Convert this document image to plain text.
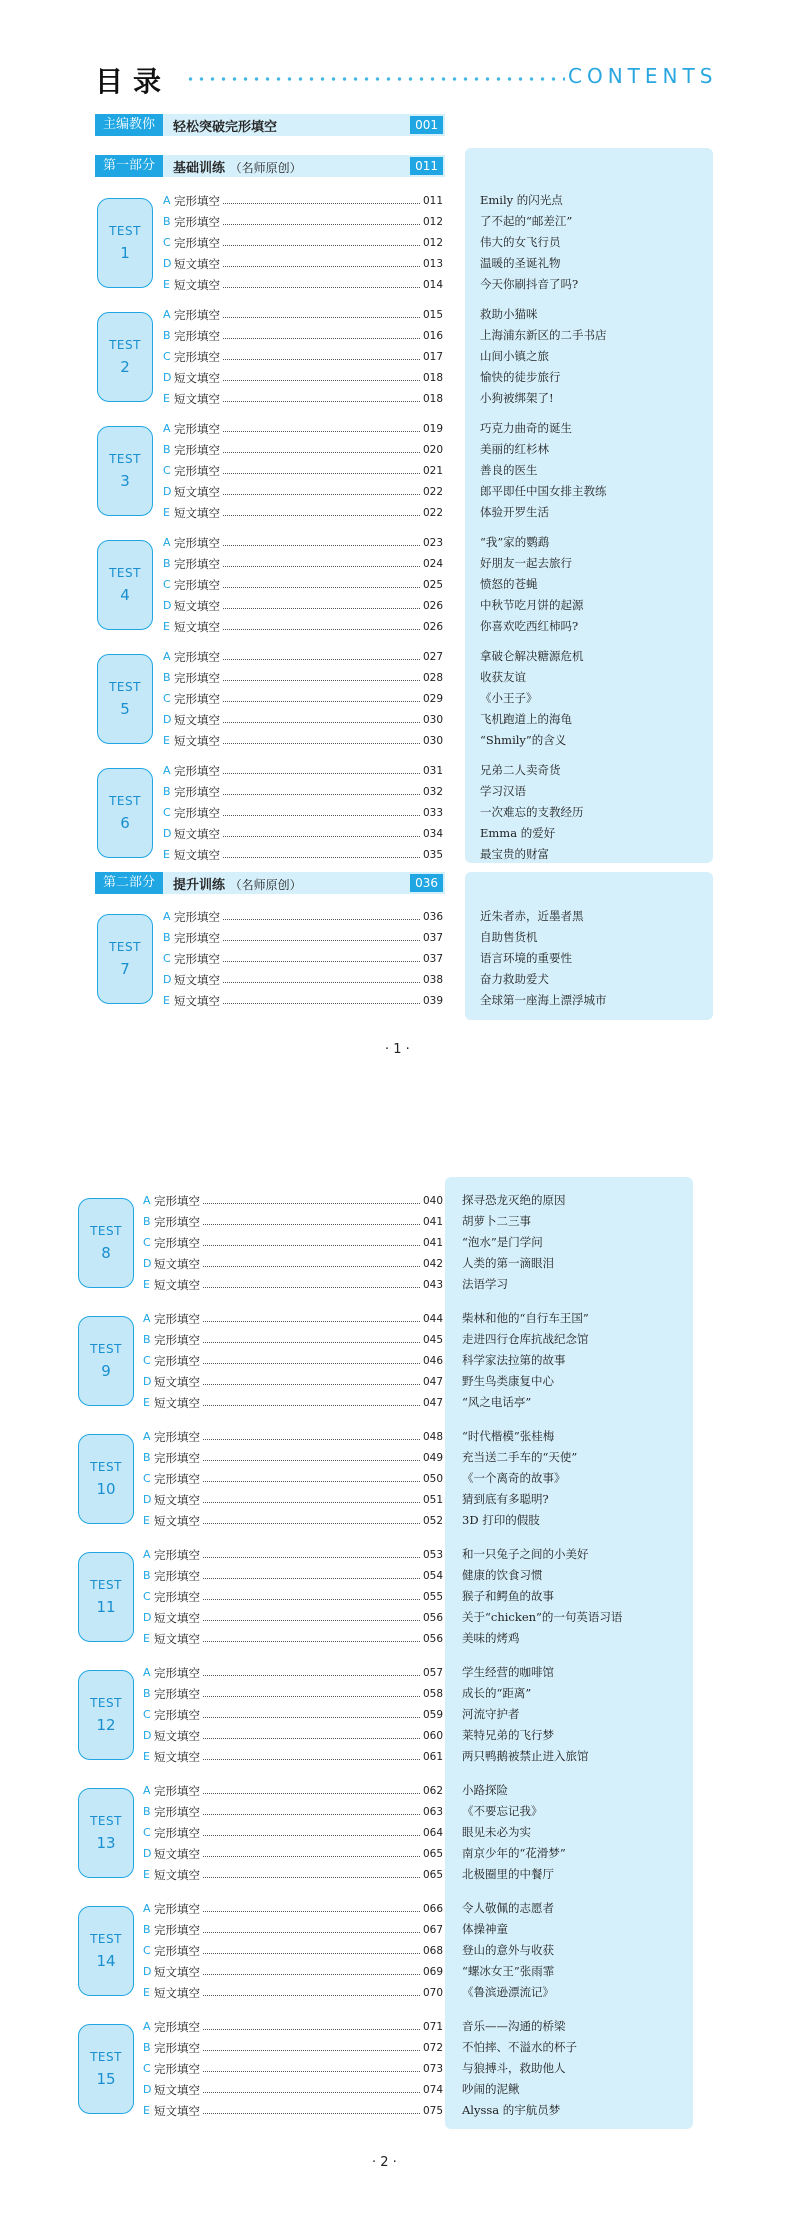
目录	CONTENTS
主编教你	轻松突破完形填空	001
第一部分	基础训练 （名师原创）	011
第二部分	提升训练 （名师原创）	036
· 1 ·
· 2 ·
TEST
1
A 完形填空	011	Emily 的闪光点
B 完形填空	012	了不起的“邮差江”
C 完形填空	012	伟大的女飞行员
D 短文填空	013	温暖的圣诞礼物
E 短文填空	014	今天你刷抖音了吗?
TEST
2
A 完形填空	015	救助小猫咪
B 完形填空	016	上海浦东新区的二手书店
C 完形填空	017	山间小镇之旅
D 短文填空	018	愉快的徒步旅行
E 短文填空	018	小狗被绑架了!
TEST
3
A 完形填空	019	巧克力曲奇的诞生
B 完形填空	020	美丽的红杉林
C 完形填空	021	善良的医生
D 短文填空	022	郎平即任中国女排主教练
E 短文填空	022	体验开罗生活
TEST
4
A 完形填空	023	“我”家的鹦鹉
B 完形填空	024	好朋友一起去旅行
C 完形填空	025	愤怒的苍蝇
D 短文填空	026	中秋节吃月饼的起源
E 短文填空	026	你喜欢吃西红柿吗?
TEST
5
A 完形填空	027	拿破仑解决糖源危机
B 完形填空	028	收获友谊
C 完形填空	029	《小王子》
D 短文填空	030	飞机跑道上的海龟
E 短文填空	030	“Shmily”的含义
TEST
6
A 完形填空	031	兄弟二人卖奇货
B 完形填空	032	学习汉语
C 完形填空	033	一次难忘的支教经历
D 短文填空	034	Emma 的爱好
E 短文填空	035	最宝贵的财富
TEST
7
A 完形填空	036	近朱者赤，近墨者黑
B 完形填空	037	自助售货机
C 完形填空	037	语言环境的重要性
D 短文填空	038	奋力救助爱犬
E 短文填空	039	全球第一座海上漂浮城市
TEST
8
A 完形填空	040 探寻恐龙灭绝的原因
B 完形填空	041 胡萝卜二三事
C 完形填空	041 “泡水”是门学问
D 短文填空	042 人类的第一滴眼泪
E 短文填空	043 法语学习
TEST
9
A 完形填空	044 柴林和他的“自行车王国”
B 完形填空	045 走进四行仓库抗战纪念馆
C 完形填空	046 科学家法拉第的故事
D 短文填空	047 野生鸟类康复中心
E 短文填空	047 “风之电话亭”
TEST
10
A 完形填空	048 “时代楷模”张桂梅
B 完形填空	049 充当送二手车的“天使”
C 完形填空	050 《一个离奇的故事》
D 短文填空	051 猜到底有多聪明?
E 短文填空	052 3D 打印的假肢
TEST
11
A 完形填空	053 和一只兔子之间的小美好
B 完形填空	054 健康的饮食习惯
C 完形填空	055 猴子和鳄鱼的故事
D 短文填空	056 关于“chicken”的一句英语习语
E 短文填空	056 美味的烤鸡
TEST
12
A 完形填空	057 学生经营的咖啡馆
B 完形填空	058 成长的“距离”
C 完形填空	059 河流守护者
D 短文填空	060 莱特兄弟的飞行梦
E 短文填空	061 两只鸭鹅被禁止进入旅馆
TEST
13
A 完形填空	062 小路探险
B 完形填空	063 《不要忘记我》
C 完形填空	064 眼见未必为实
D 短文填空	065 南京少年的“花滑梦”
E 短文填空	065 北极圈里的中餐厅
TEST
14
A 完形填空	066 令人敬佩的志愿者
B 完形填空	067 体操神童
C 完形填空	068 登山的意外与收获
D 短文填空	069 “螺冰女王”张雨霏
E 短文填空	070 《鲁滨逊漂流记》
TEST
15
A 完形填空	071 音乐——沟通的桥梁
B 完形填空	072 不怕摔、不溢水的杯子
C 完形填空	073 与狼搏斗，救助他人
D 短文填空	074 吵闹的泥鳅
E 短文填空	075 Alyssa 的宇航员梦
